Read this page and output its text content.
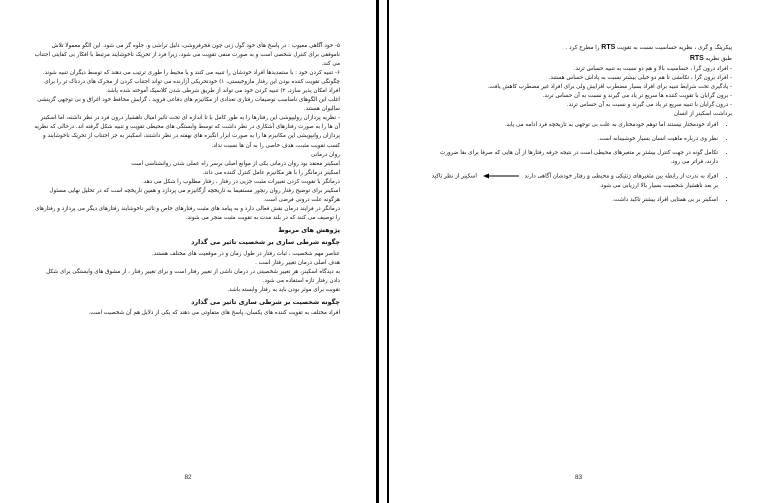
۵- خود آگاهی معیوب : در پاسخ های خود گول زنی چون فخرفروشی، دلیل تراشی و. جلوه گر می شود. این الگو معمولا تلاش ناموفقی برای کنترل شخصی است و به صورت منفی تقویت می شود، زیرا فرد از تحریک ناخوشایند مرتبط با افکار بی کفایتی اجتناب می کند.

۶- تنبیه کردن خود : با ستمدیدها افراد خودشان را تنبیه می کنند و یا محیط را طوری ترتیب می دهند که توسط دیگران تنبیه شوند.

چگونگی تقویت کننده بودن این رفتار مازوخیستی، ۱) خودتحریکی آزارنده می تواند اجتناب کردن از محرک های دردناک تر را برای افراد امکان پذیر سازد، ۲) تنبیه کردن خود می تواند از طریق شرطی شدن کلاسیک آموخته شده باشد.

اغلب این الگوهای نامناسب توصیفات رفتاری تعدادی از مکانیزم های دفاعی فروید ، گرایش محافظ خود اغراق و بی توجهی گزینشی سالیوان هستند.

- نظریه پردازان رولیپوشی این رفتارها را به طور کامل با تا اندازه ای تحت تاثیر امیال ناهشیار درون فرد در نظر داشته، اما اسکینر آن ها را به صورت رفتارهای آشکاری در نظر داشت که توسط وابستگی های محیطی تقویت و تنبیه شکل گرفته اند. درحالی که نظریه پردازان روانپویشی این مکانیزم ها را به صورت ابزار انگیزه های نهفته در نظر داشتند، اسکینر به جز اجتناب از تحریک ناخوشایند و کسب تقویت مثبت، هدف خاصی را به آن ها نسبت نداد.

روان درمانی

اسکینر معتقد بود روان درمانی یکی از موانع اصلی برسر راه عملی شدن روانشناسی است

اسکینر درمانگر را با هر مکانیزم عامل کنترل کننده می داند.

درمانگر با تقویت کردن تغییرات مثبت جزیی در رفتار ، رفتار مطلوب را شکل می دهد.

اسکینر برای توضیح رفتار روان رنجور مستقیما به تاریخچه آزگانیزم می پردازد و همین تاریخچه است که در تحلیل نهایی مسئول هرگونه علت درونی فرضی است.

درمانگر در فرایند درمان نقش فعالی دارد و به پیامد های مثبت رفتارهای خاص و تاثیر ناخوشایند رفتارهای دیگر می پردازد و رفتارهای را توصیف می کنند که در بلند مدت به تقویت مثبت منجر می شوند.

پژوهش های مربوط

چگونه شرطی سازی بر شخصیت تاثیر می گذارد

عناصر مهم شخصیت ، ثبات رفتار در طول زمان و در موقعیت های مختلف هستند.

هدف اصلی درمان تغییر رفتار است .

به دیدگاه اسکینر، هر تغییر شخصیتی در درمان ناشی از تغییر رفتار است و برای تغییر رفتار ، از مشوق های وابستگی برای شکل دادن رفتار تازه استفاده می شود.

تقویت برای موثر بودن باید به رفتار وابسته باشد.

چگونه شخصیت بر شرطی سازی تاثیر می گذارد

افراد مختلف به تقویت کننده های یکسان، پاسخ های متفاوتی می دهند که یکی از دلایل هم آن شخصیت است.

82

پیکرینگ و گری ، نظریه حساسیت نسبت به تقویت RTS را مطرح کرد .

طبق نظریه RTS

- افراد درون گرا ، حساسیت بالا و هم دو نسبت به تنبیه حساس ترند.

- افراد برون گرا ، تکانشی تا هم دو خیلی بیشتر نسبت به پاداش حساس هستند.

- یادگیری تحت شرایط تنبیه برای افراد بسیار مضطرب افزایش ولی برای افراد غیر مضطرب کاهش یافت.

- برون گرایان با تقویت کننده ها سریع تر یاد می گیرند و نسبت به آن حساس ترند.

- درون گرایان با تنبیه سریع تر یاد می گیرند و نسبت به آن حساس ترند.

برداشت اسکینر از انسان

• افراد خودمختار نیستند اما توهم خودمختاری به علت بی توجهی به تاریخچه فرد ادامه می یابد.
• نظر وی درباره ماهیت انسان بسیار خوشبینانه است.
• تکامل گونه در جهت کنترل بیشتر بر متغیرهای محیطی است در نتیجه حرفه رفتارها از آن هایی که صرفا برای بقا ضرورت دارند، فراتر می رود.
• افراد به ندرت از رابطه بین متغیرهای ژنتیکی و محیطی و رفتار خودشان آگاهی دارند  اسکینر از نظر تاکید بر بعد ناهشیار شخصیت بسیار بالا ارزیابی می شود.
• اسکینر بر بی همتایی افراد بیشتر تاکید داشت.
83
